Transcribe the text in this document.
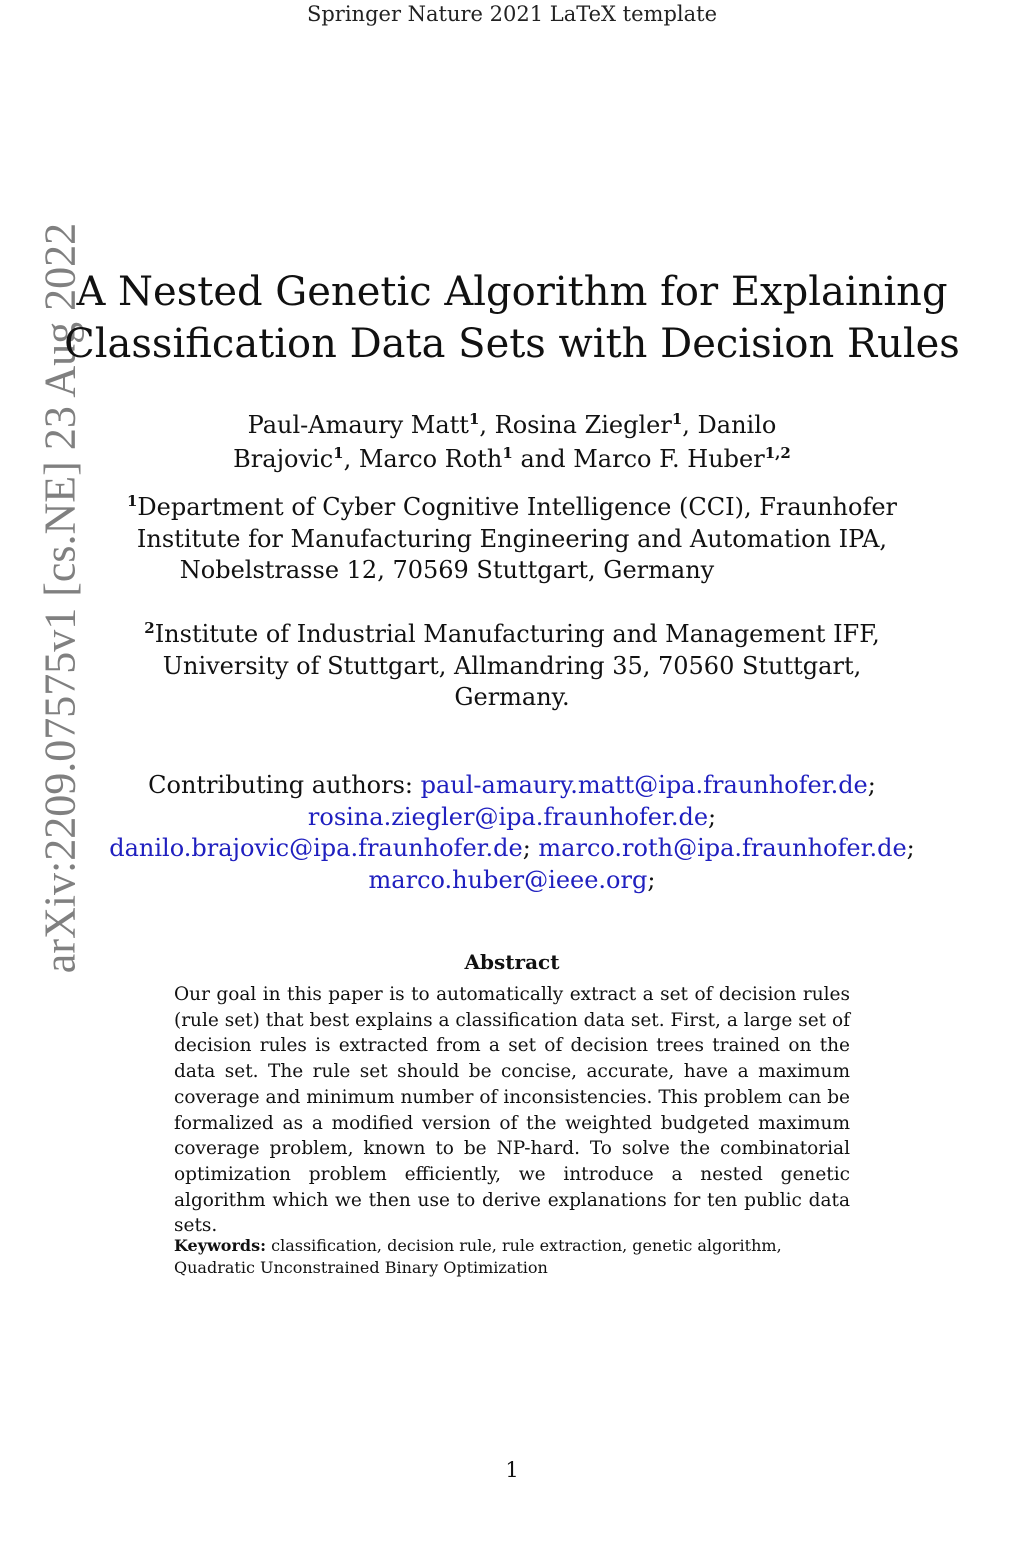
Springer Nature 2021 LaTeX template
arXiv:2209.07575v1 [cs.NE] 23 Aug 2022
A Nested Genetic Algorithm for Explaining
Classification Data Sets with Decision Rules
Paul-Amaury Matt$^1$, Rosina Ziegler$^1$, Danilo
Brajovic$^1$, Marco Roth$^1$ and Marco F. Huber$^{1,2}$
$^1$Department of Cyber Cognitive Intelligence (CCI), Fraunhofer
Institute for Manufacturing Engineering and Automation IPA,
Nobelstrasse 12, 70569 Stuttgart, Germany
$^2$Institute of Industrial Manufacturing and Management IFF,
University of Stuttgart, Allmandring 35, 70560 Stuttgart,
Germany.
Contributing authors: paul-amaury.matt@ipa.fraunhofer.de;
rosina.ziegler@ipa.fraunhofer.de;
danilo.brajovic@ipa.fraunhofer.de; marco.roth@ipa.fraunhofer.de;
marco.huber@ieee.org;
Abstract

Our goal in this paper is to automatically extract a set of decision rules (rule set) that best explains a classification data set. First, a large set of decision rules is extracted from a set of decision trees trained on the data set. The rule set should be concise, accurate, have a maximum coverage and minimum number of inconsistencies. This problem can be formalized as a modified version of the weighted budgeted maximum coverage problem, known to be NP-hard. To solve the combinatorial optimization problem efficiently, we introduce a nested genetic algorithm which we then use to derive explanations for ten public data sets.

Keywords: classification, decision rule, rule extraction, genetic algorithm, Quadratic Unconstrained Binary Optimization

1
